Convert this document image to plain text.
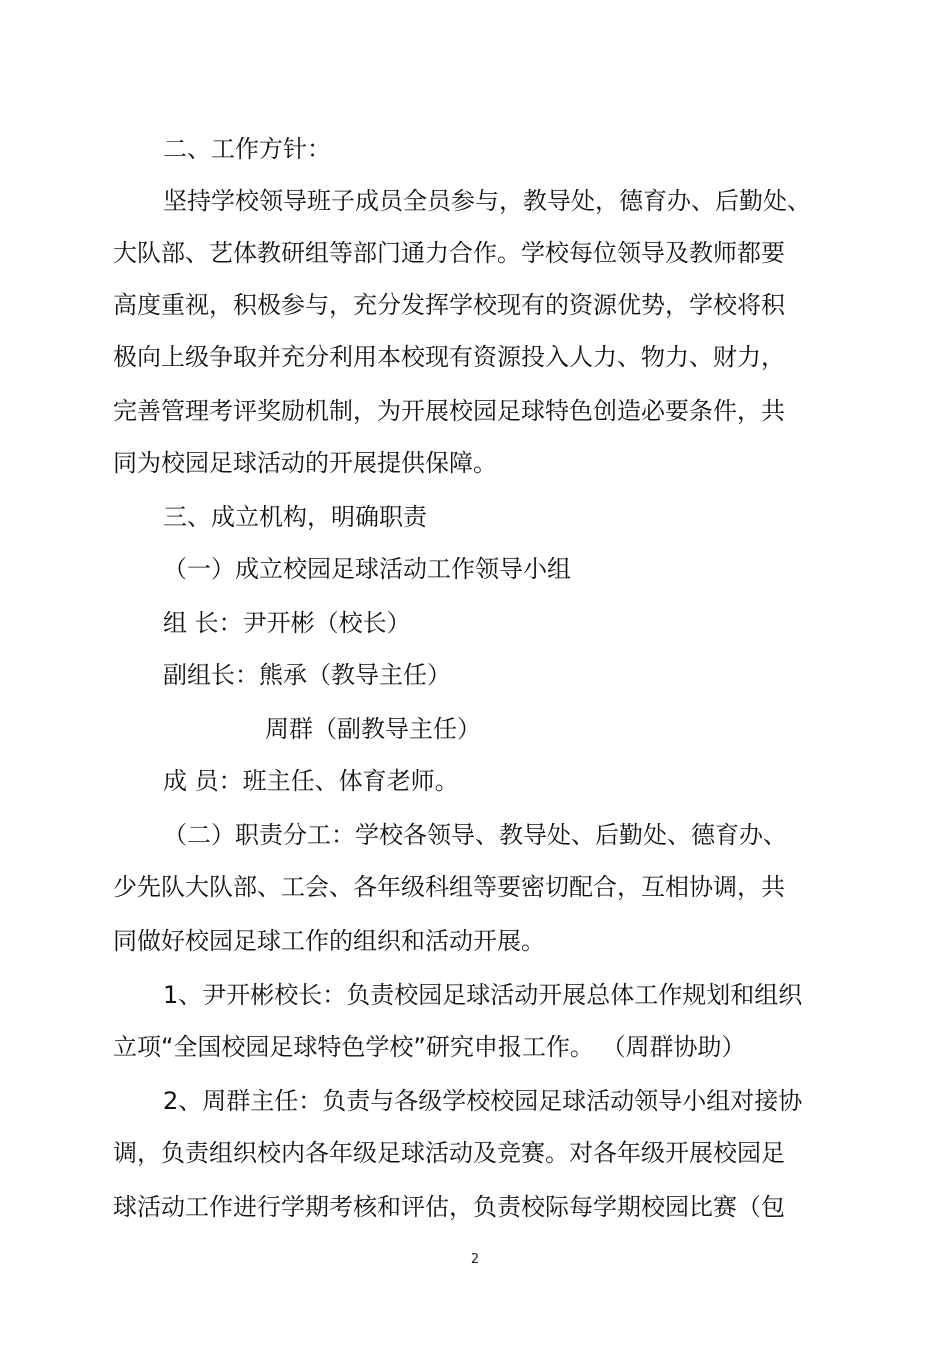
二、工作方针：
坚持学校领导班子成员全员参与，教导处，德育办、后勤处、
大队部、艺体教研组等部门通力合作。学校每位领导及教师都要
高度重视，积极参与，充分发挥学校现有的资源优势，学校将积
极向上级争取并充分利用本校现有资源投入人力、物力、财力，
完善管理考评奖励机制，为开展校园足球特色创造必要条件，共
同为校园足球活动的开展提供保障。
三、成立机构，明确职责
（一）成立校园足球活动工作领导小组
组 长：尹开彬（校长）
副组长：熊承（教导主任）
周群（副教导主任）
成 员：班主任、体育老师。
（二）职责分工：学校各领导、教导处、后勤处、德育办、
少先队大队部、工会、各年级科组等要密切配合，互相协调，共
同做好校园足球工作的组织和活动开展。
1、尹开彬校长：负责校园足球活动开展总体工作规划和组织
立项“全国校园足球特色学校”研究申报工作。 （周群协助）
2、周群主任：负责与各级学校校园足球活动领导小组对接协
调，负责组织校内各年级足球活动及竞赛。对各年级开展校园足
球活动工作进行学期考核和评估，负责校际每学期校园比赛（包
2
